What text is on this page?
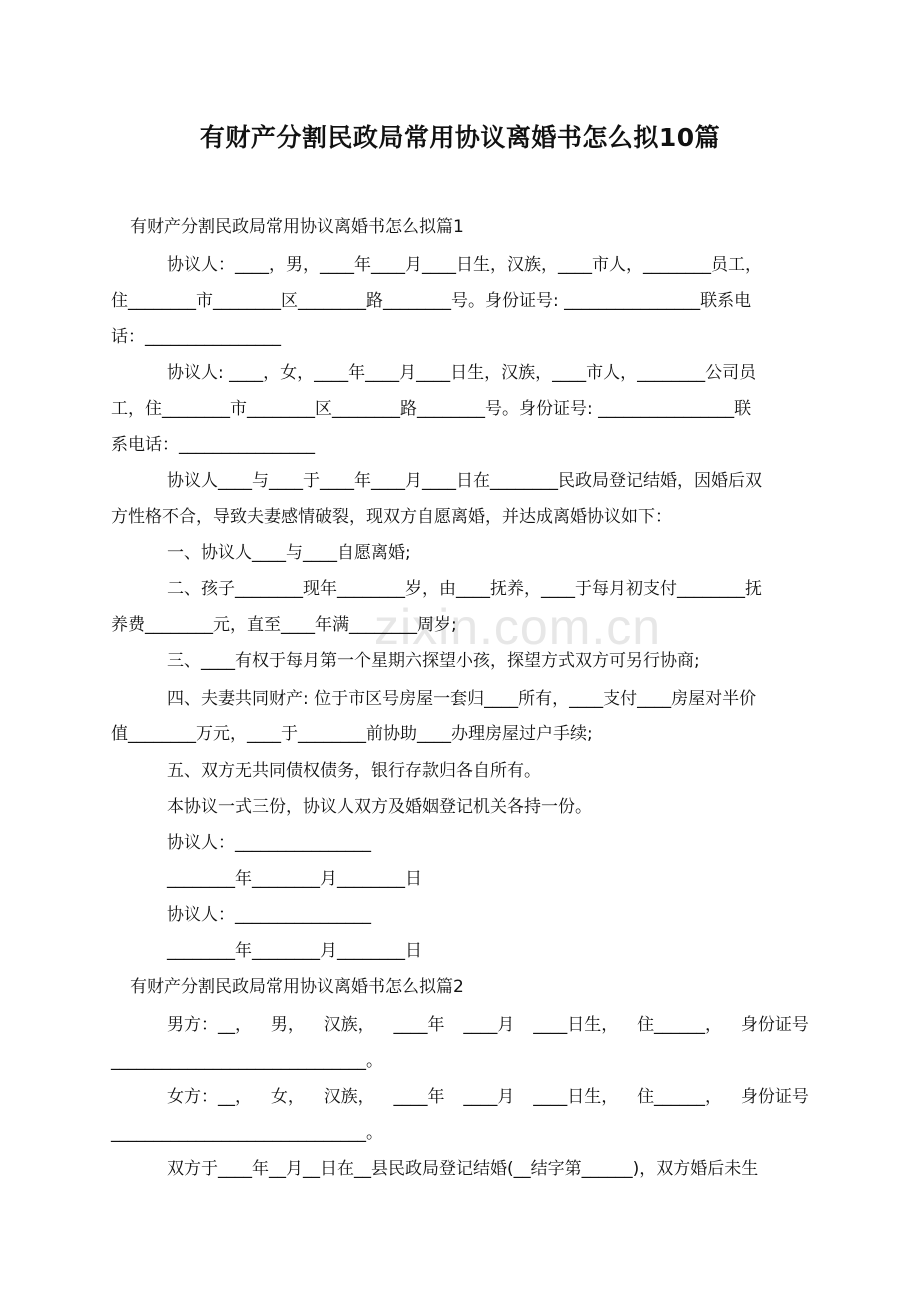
zixin.com.cn
有财产分割民政局常用协议离婚书怎么拟10篇
有财产分割民政局常用协议离婚书怎么拟篇1
协议人：____，男，____年____月____日生，汉族，____市人，________员工，
住________市________区________路________号。身份证号: ________________联系电
话：________________
协议人: ____，女，____年____月____日生，汉族，____市人，________公司员
工，住________市________区________路________号。身份证号: ________________联
系电话：________________
协议人____与____于____年____月____日在________民政局登记结婚，因婚后双
方性格不合，导致夫妻感情破裂，现双方自愿离婚，并达成离婚协议如下：
一、协议人____与____自愿离婚;
二、孩子________现年________岁，由____抚养，____于每月初支付________抚
养费________元，直至____年满________周岁;
三、____有权于每月第一个星期六探望小孩，探望方式双方可另行协商;
四、夫妻共同财产: 位于市区号房屋一套归____所有，____支付____房屋对半价
值________万元，____于________前协助____办理房屋过户手续;
五、双方无共同债权债务，银行存款归各自所有。
本协议一式三份，协议人双方及婚姻登记机关各持一份。
协议人：________________
________年________月________日
协议人：________________
________年________月________日
有财产分割民政局常用协议离婚书怎么拟篇2
男方：__， 男， 汉族， ____年 ____月 ____日生， 住______， 身份证号
______________________________。
女方：__， 女， 汉族， ____年 ____月 ____日生， 住______， 身份证号
______________________________。
双方于____年__月__日在__县民政局登记结婚(__结字第______)，双方婚后未生
